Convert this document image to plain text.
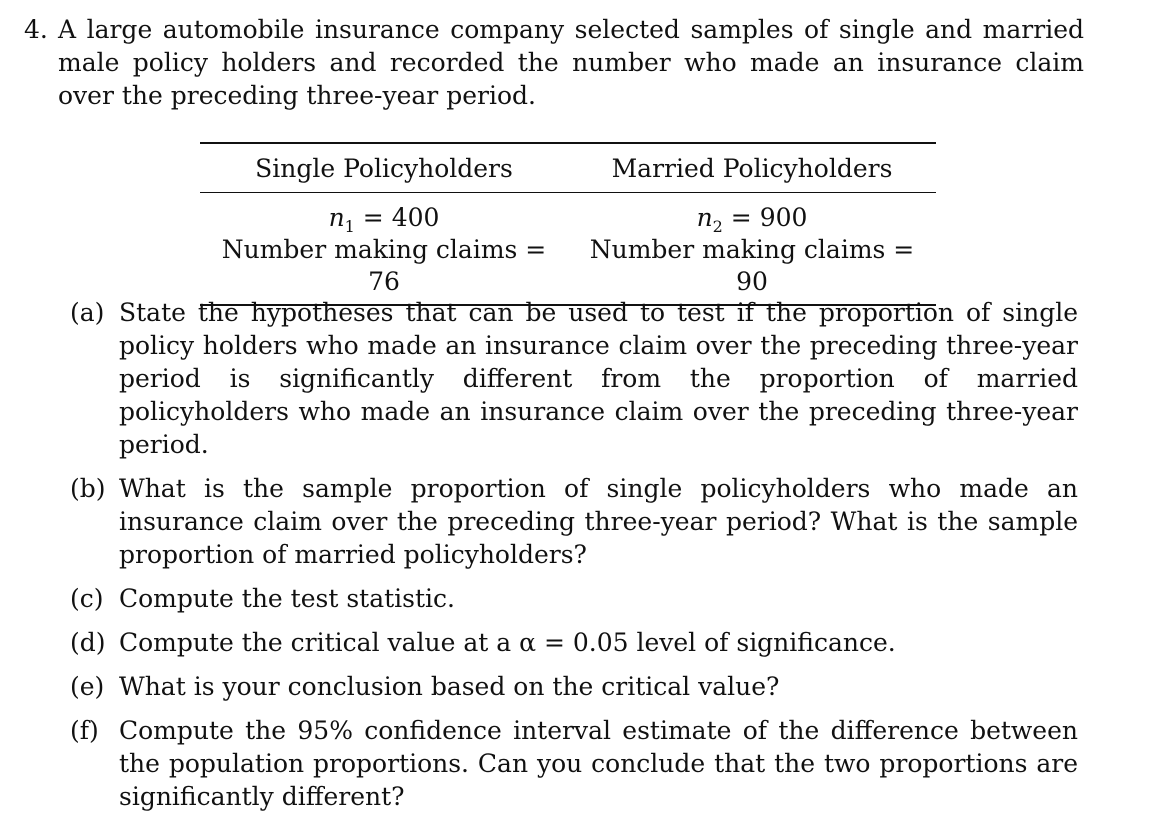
4. A large automobile insurance company selected samples of single and married male policy holders and recorded the number who made an insurance claim over the preceding three-year period.
Single Policyholders	Married Policyholders
$n_1 = 400$	$n_2 = 900$
Number making claims = 76	Number making claims = 90
(a) State the hypotheses that can be used to test if the proportion of single policy holders who made an insurance claim over the preceding three-year period is significantly different from the proportion of married policyholders who made an insurance claim over the preceding three-year period.
(b) What is the sample proportion of single policyholders who made an insurance claim over the preceding three-year period? What is the sample proportion of married policyholders?
(c) Compute the test statistic.
(d) Compute the critical value at a α = 0.05 level of significance.
(e) What is your conclusion based on the critical value?
(f) Compute the 95% confidence interval estimate of the difference between the population proportions. Can you conclude that the two proportions are significantly different?
